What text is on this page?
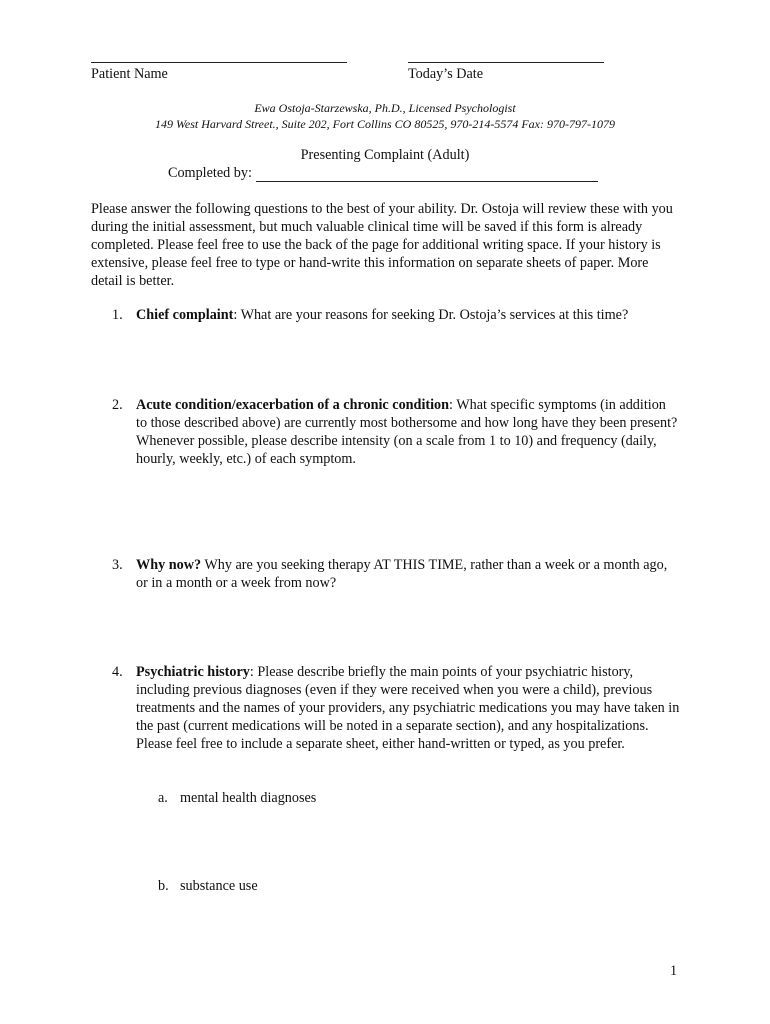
Patient Name	Today’s Date
Ewa Ostoja-Starzewska, Ph.D., Licensed Psychologist
149 West Harvard Street., Suite 202, Fort Collins CO 80525, 970-214-5574 Fax: 970-797-1079
Presenting Complaint (Adult)
Completed by:
Please answer the following questions to the best of your ability. Dr. Ostoja will review these with you during the initial assessment, but much valuable clinical time will be saved if this form is already completed. Please feel free to use the back of the page for additional writing space. If your history is extensive, please feel free to type or hand-write this information on separate sheets of paper. More detail is better.
1. Chief complaint: What are your reasons for seeking Dr. Ostoja’s services at this time?
2. Acute condition/exacerbation of a chronic condition: What specific symptoms (in addition to those described above) are currently most bothersome and how long have they been present? Whenever possible, please describe intensity (on a scale from 1 to 10) and frequency (daily, hourly, weekly, etc.) of each symptom.
3. Why now? Why are you seeking therapy AT THIS TIME, rather than a week or a month ago, or in a month or a week from now?
4. Psychiatric history: Please describe briefly the main points of your psychiatric history, including previous diagnoses (even if they were received when you were a child), previous treatments and the names of your providers, any psychiatric medications you may have taken in the past (current medications will be noted in a separate section), and any hospitalizations. Please feel free to include a separate sheet, either hand-written or typed, as you prefer.
a. mental health diagnoses
b. substance use
1
